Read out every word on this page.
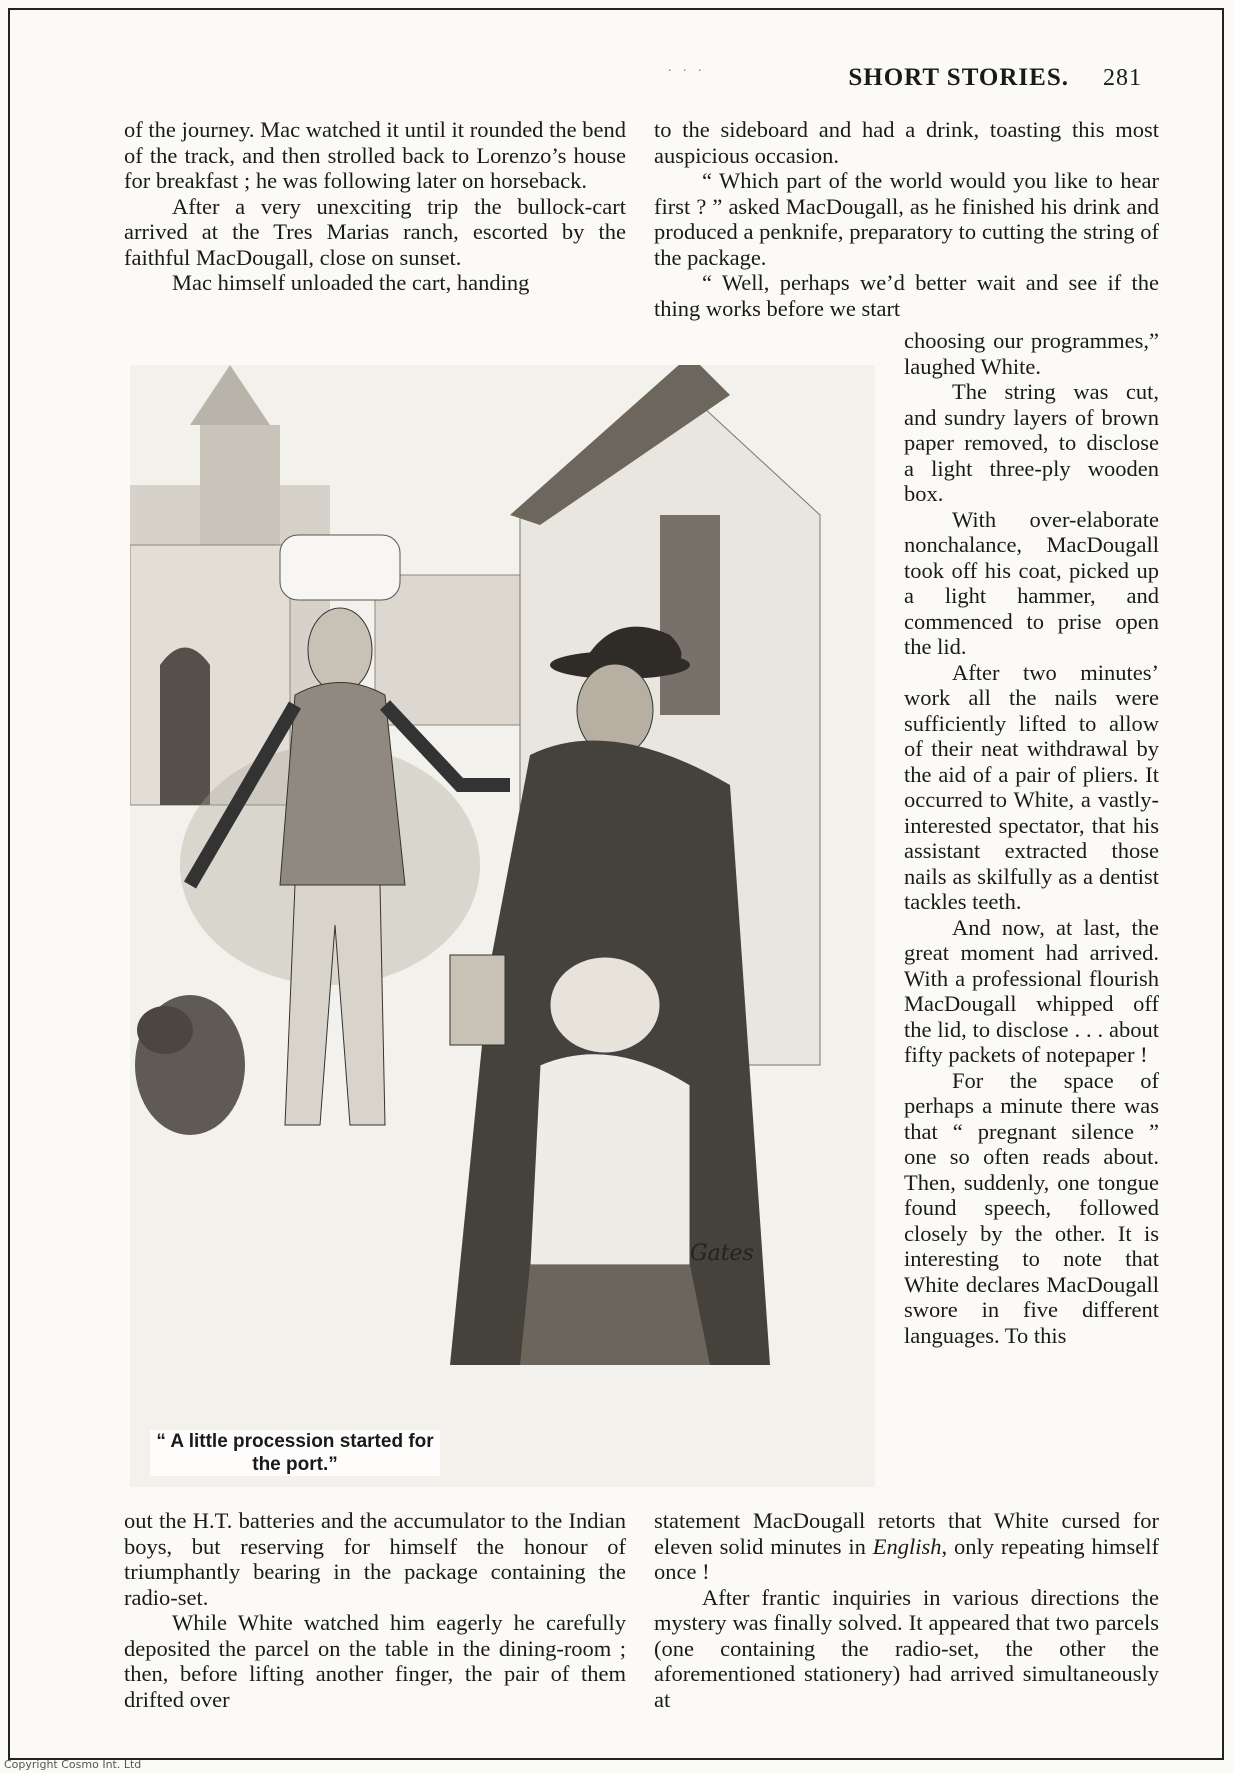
. . .	SHORT STORIES. 281

of the journey. Mac watched it until it rounded the bend of the track, and then strolled back to Lorenzo’s house for breakfast ; he was following later on horseback.

After a very unexciting trip the bullock-cart arrived at the Tres Marias ranch, escorted by the faithful MacDougall, close on sunset.

Mac himself unloaded the cart, handing

to the sideboard and had a drink, toasting this most auspicious occasion.

“ Which part of the world would you like to hear first ? ” asked MacDougall, as he finished his drink and produced a penknife, preparatory to cutting the string of the package.

“ Well, perhaps we’d better wait and see if the thing works before we start

Gates
“ A little procession started for the port.”

choosing our programmes,” laughed White.

The string was cut, and sundry layers of brown paper removed, to disclose a light three-ply wooden box.

With over-elaborate nonchalance, MacDougall took off his coat, picked up a light hammer, and commenced to prise open the lid.

After two minutes’ work all the nails were sufficiently lifted to allow of their neat withdrawal by the aid of a pair of pliers. It occurred to White, a vastly-interested spectator, that his assistant extracted those nails as skilfully as a dentist tackles teeth.

And now, at last, the great moment had arrived. With a professional flourish MacDougall whipped off the lid, to disclose . . . about fifty packets of notepaper !

For the space of perhaps a minute there was that “ pregnant silence ” one so often reads about. Then, suddenly, one tongue found speech, followed closely by the other. It is interesting to note that White declares MacDougall swore in five different languages. To this

out the H.T. batteries and the accumulator to the Indian boys, but reserving for himself the honour of triumphantly bearing in the package containing the radio-set.

While White watched him eagerly he carefully deposited the parcel on the table in the dining-room ; then, before lifting another finger, the pair of them drifted over

statement MacDougall retorts that White cursed for eleven solid minutes in English, only repeating himself once !

After frantic inquiries in various directions the mystery was finally solved. It appeared that two parcels (one containing the radio-set, the other the aforementioned stationery) had arrived simultaneously at

Copyright Cosmo Int. Ltd
